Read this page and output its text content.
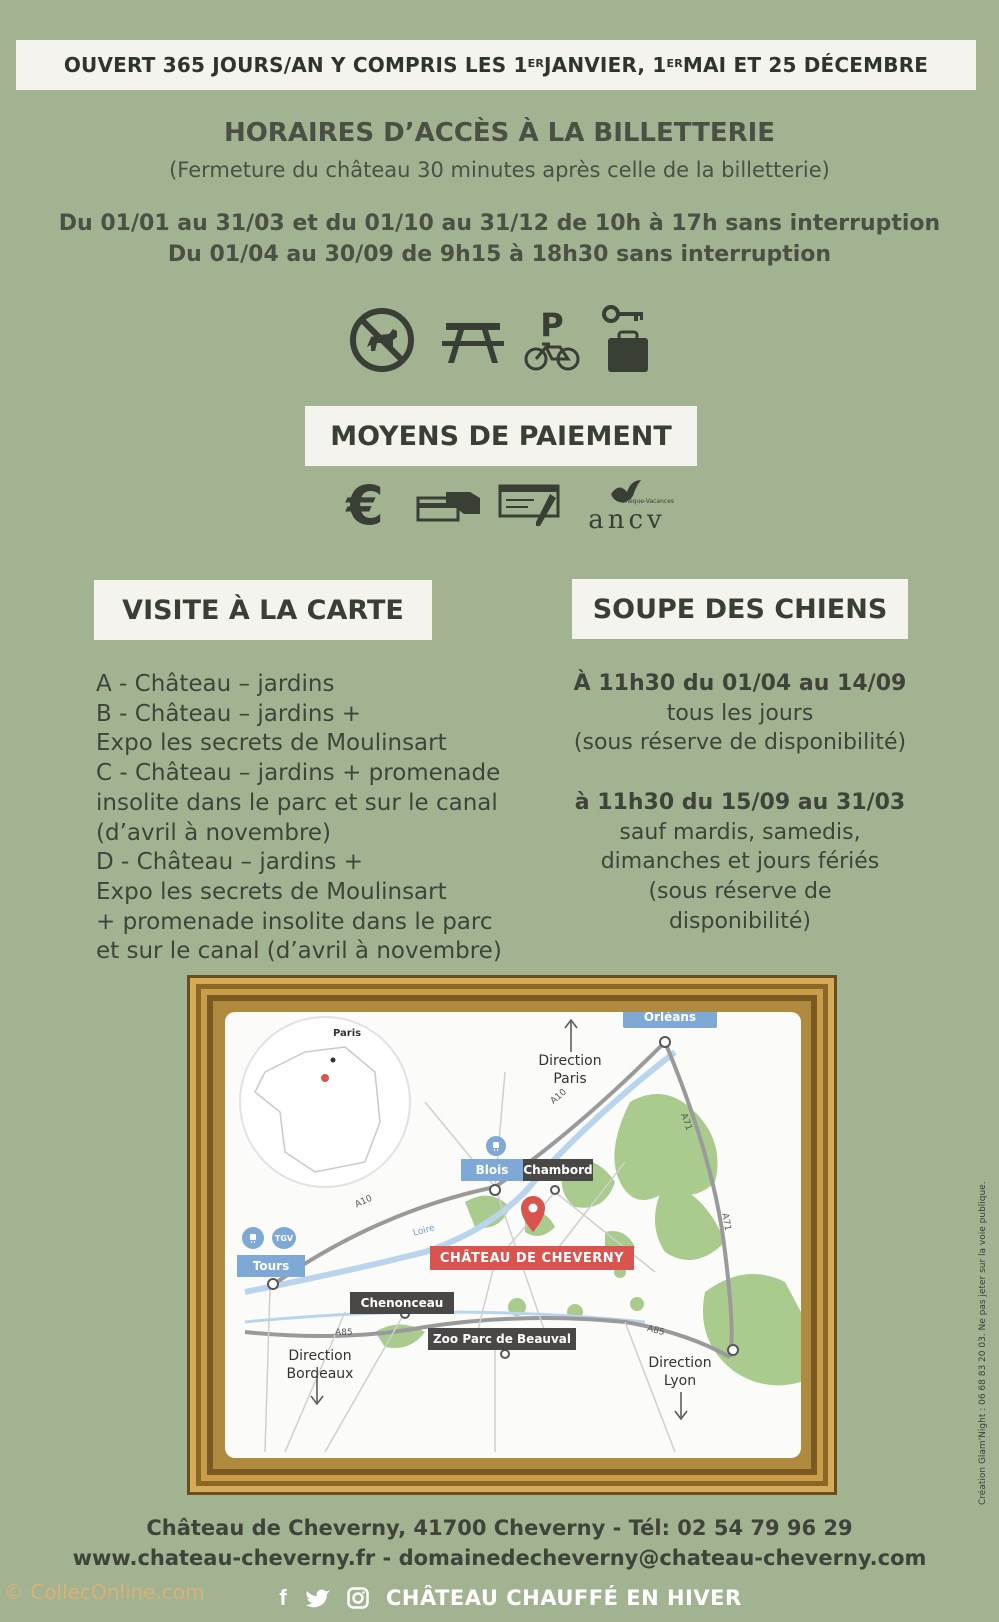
OUVERT 365 JOURS/AN Y COMPRIS LES 1ER JANVIER, 1ER MAI ET 25 DÉCEMBRE
HORAIRES D’ACCÈS À LA BILLETTERIE
(Fermeture du château 30 minutes après celle de la billetterie)
Du 01/01 au 31/03 et du 01/10 au 31/12 de 10h à 17h sans interruption
Du 01/04 au 30/09 de 9h15 à 18h30 sans interruption
P
MOYENS DE PAIEMENT
€	Chèque-Vacances
ancv
VISITE À LA CARTE
A - Château – jardins
B - Château – jardins +
Expo les secrets de Moulinsart
C - Château – jardins + promenade
insolite dans le parc et sur le canal
(d’avril à novembre)
D - Château – jardins +
Expo les secrets de Moulinsart
+ promenade insolite dans le parc
et sur le canal (d’avril à novembre)
SOUPE DES CHIENS
À 11h30 du 01/04 au 14/09
tous les jours
(sous réserve de disponibilité)
à 11h30 du 15/09 au 31/03
sauf mardis, samedis,
dimanches et jours fériés
(sous réserve de
disponibilité)
Paris
Direction
Paris
Orléans
Blois	Chambord
CHÂTEAU DE CHEVERNY
TGV
Tours
Chenonceau
Zoo Parc de Beauval
Direction
Bordeaux
Direction
Lyon
A10
A10
A71
A71
A85	A85
Loire
Château de Cheverny, 41700 Cheverny - Tél: 02 54 79 96 29
www.chateau-cheverny.fr - domainedecheverny@chateau-cheverny.com
f	CHÂTEAU CHAUFFÉ EN HIVER
© CollecOnline.com
Création Glam'Night : 06 68 83 20 03. Ne pas jeter sur la voie publique.
